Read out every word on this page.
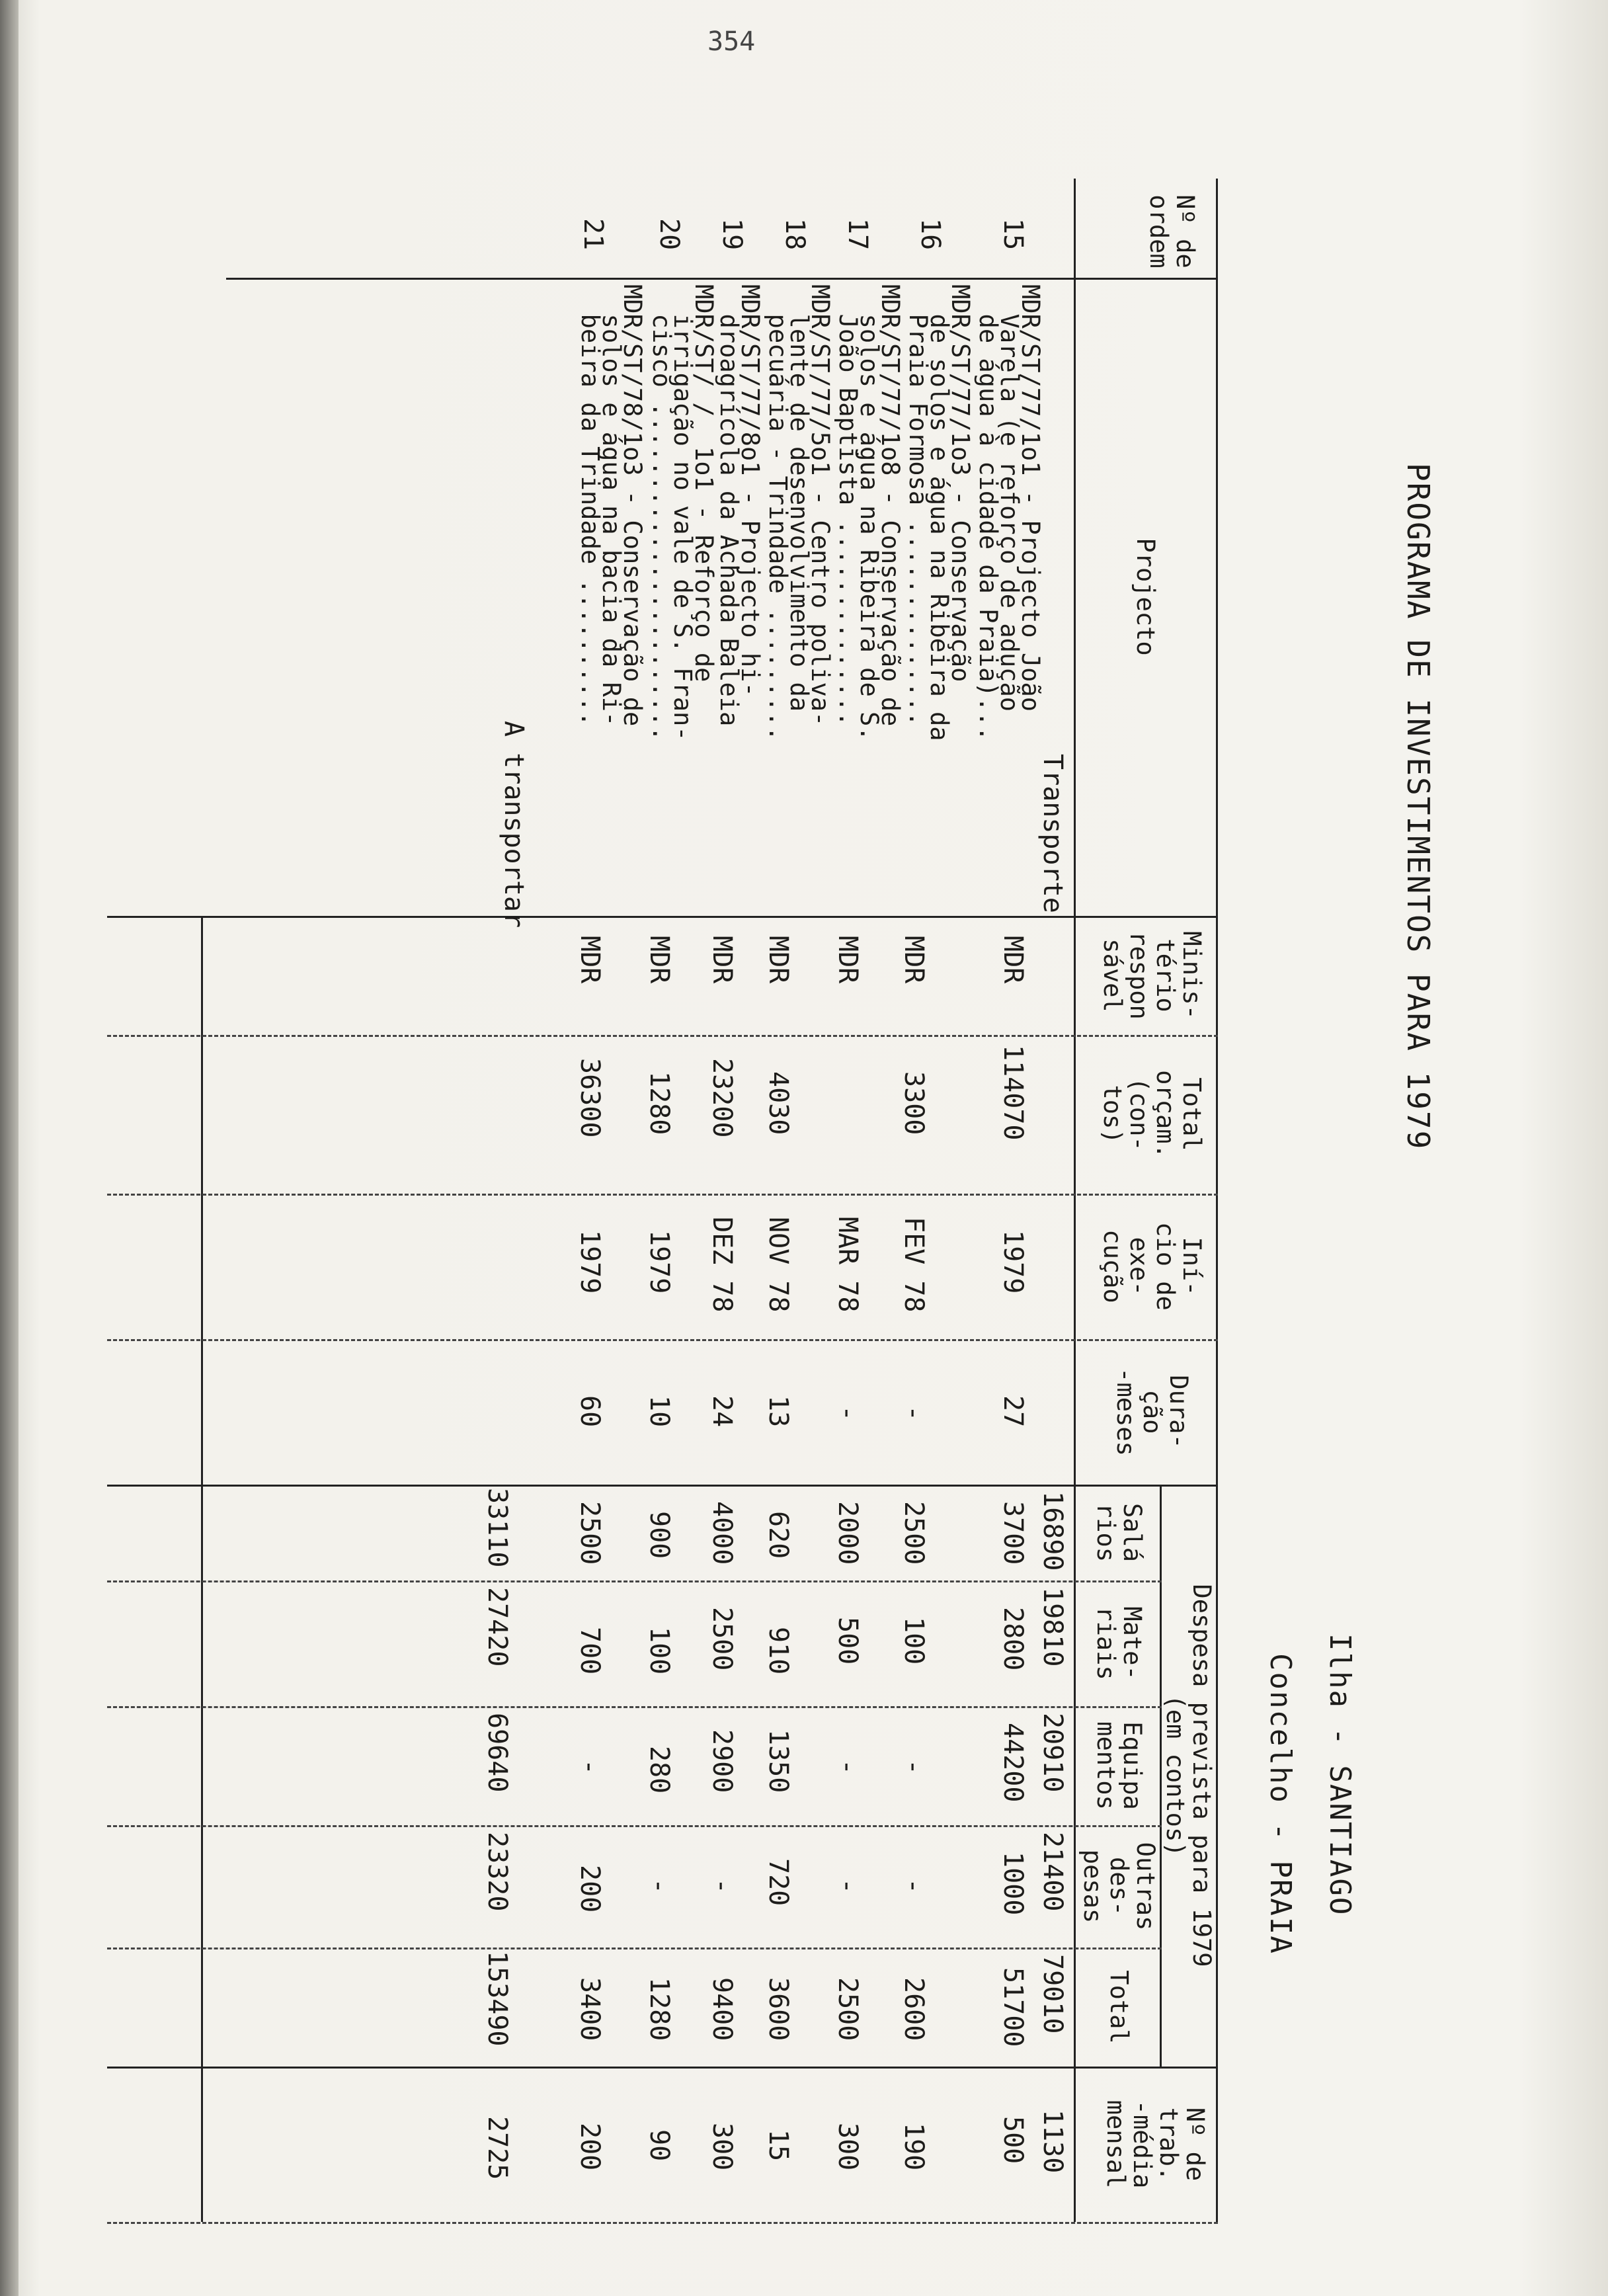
354
PROGRAMA DE INVESTIMENTOS PARA 1979
Ilha - SANTIAGO
Concelho - PRAIA
Nº de
ordem
Projecto
Minis-
tério
respon
sável
Total
orçam.
(con-
tos)
Iní-
cio de
exe-
cução
Dura-
ção
-meses
Despesa prevista para 1979
(em contos)
Salá
rios
Mate-
riais
Equipa
mentos
Outras
des-
pesas
Total
Nº de
trab.
-média
mensal
Transporte
16890
19810
20910
21400
79010
1130
15
MDR/ST/77/1o1 - Projecto João
Varela (e reforço de adução
de água à cidade da Praia)...
MDR
114070
1979
27
3700
2800
44200
1000
51700
500
16
MDR/ST/77/1o3 - Conservação
de solos e água na Ribeira da
Praia Formosa ..............
MDR
3300
FEV 78
-
2500
100
-
-
2600
190
17
MDR/ST/77/1o8 - Conservação de
solos e água na Ribeira de S.
João Baptista ..............
MDR
MAR 78
-
2000
500
-
-
2500
300
18
MDR/ST/77/5o1 - Centro poliva-
lente de desenvolvimento da
pecuária - Trindade .........
MDR
4030
NOV 78
13
620
910
1350
720
3600
15
19
MDR/ST/77/8o1 - Projecto hi-
droagrícola da Achada Baleia
MDR
23200
DEZ 78
24
4000
2500
2900
-
9400
300
20
MDR/ST/ /  1o1 - Reforço de
irrigação no vale de S. Fran-
cisco .......................
MDR
1280
1979
10
900
100
280
-
1280
90
21
MDR/ST/78/1o3 - Conservação de
solos e água na bacia da Ri-
beira da Trindade ..........
MDR
36300
1979
60
2500
700
-
200
3400
200
A transportar
33110
27420
69640
23320
153490
2725
